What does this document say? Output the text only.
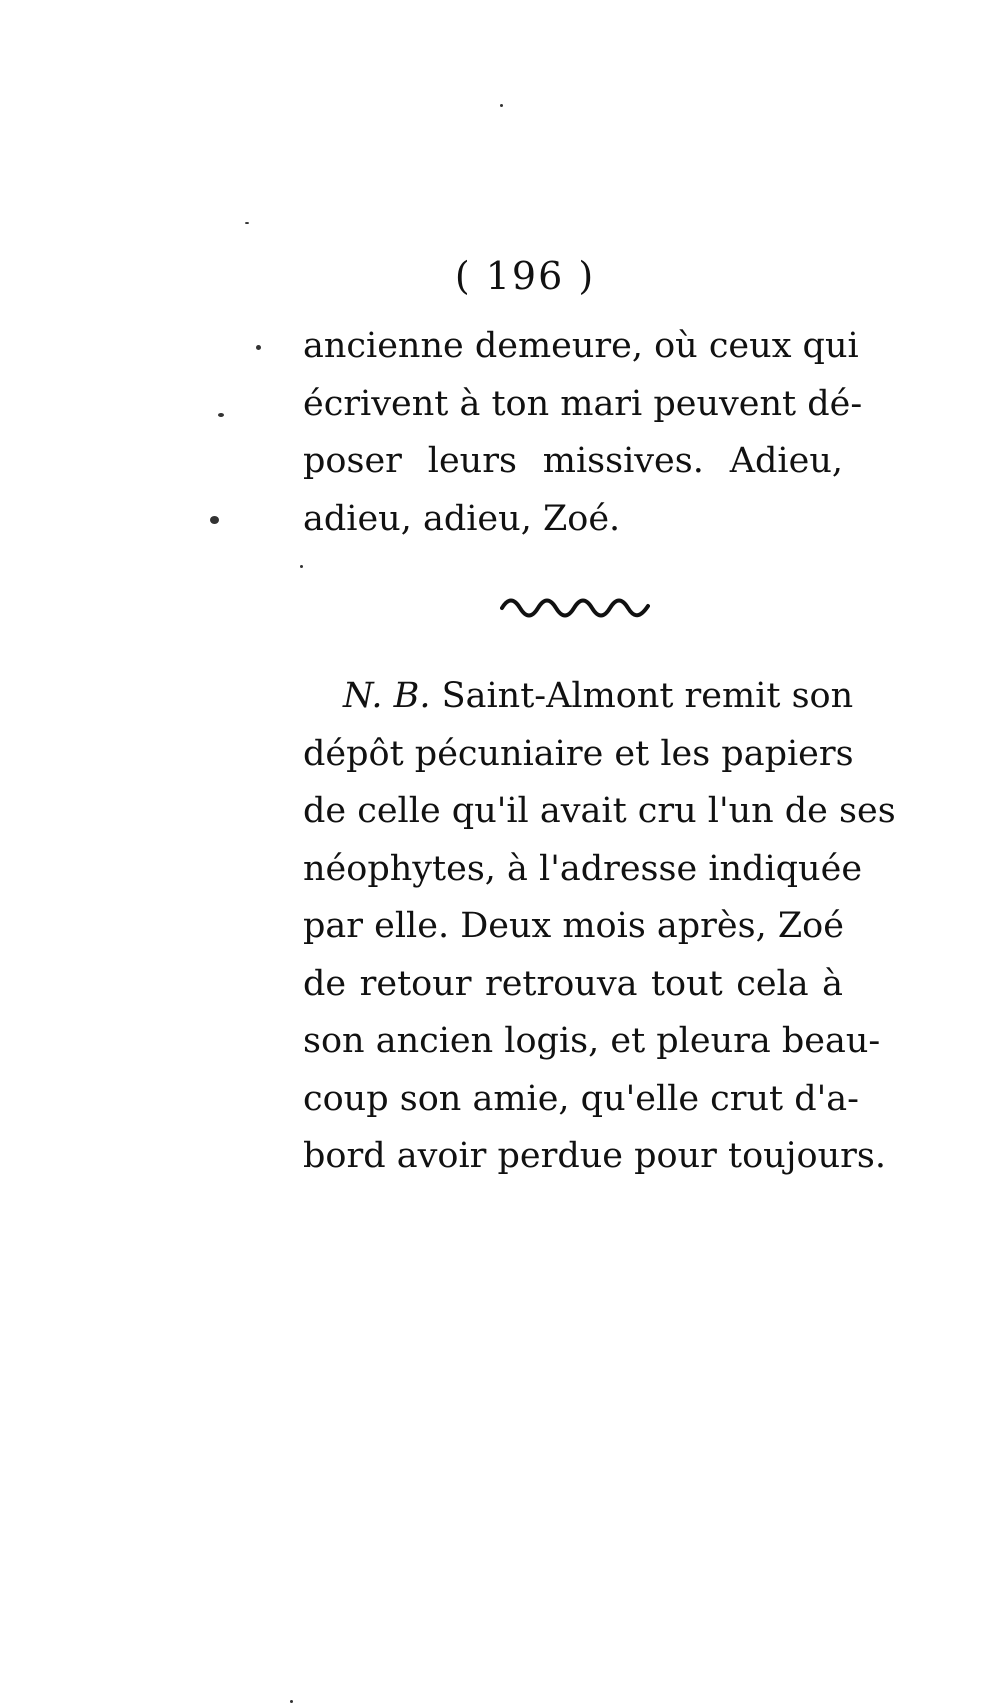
( 196 )
ancienne demeure, où ceux qui
écrivent à ton mari peuvent dé-
poser leurs missives. Adieu,
adieu, adieu, Zoé.
N. B. Saint-Almont remit son
dépôt pécuniaire et les papiers
de celle qu'il avait cru l'un de ses
néophytes, à l'adresse indiquée
par elle. Deux mois après, Zoé
de retour retrouva tout cela à
son ancien logis, et pleura beau-
coup son amie, qu'elle crut d'a-
bord avoir perdue pour toujours.
